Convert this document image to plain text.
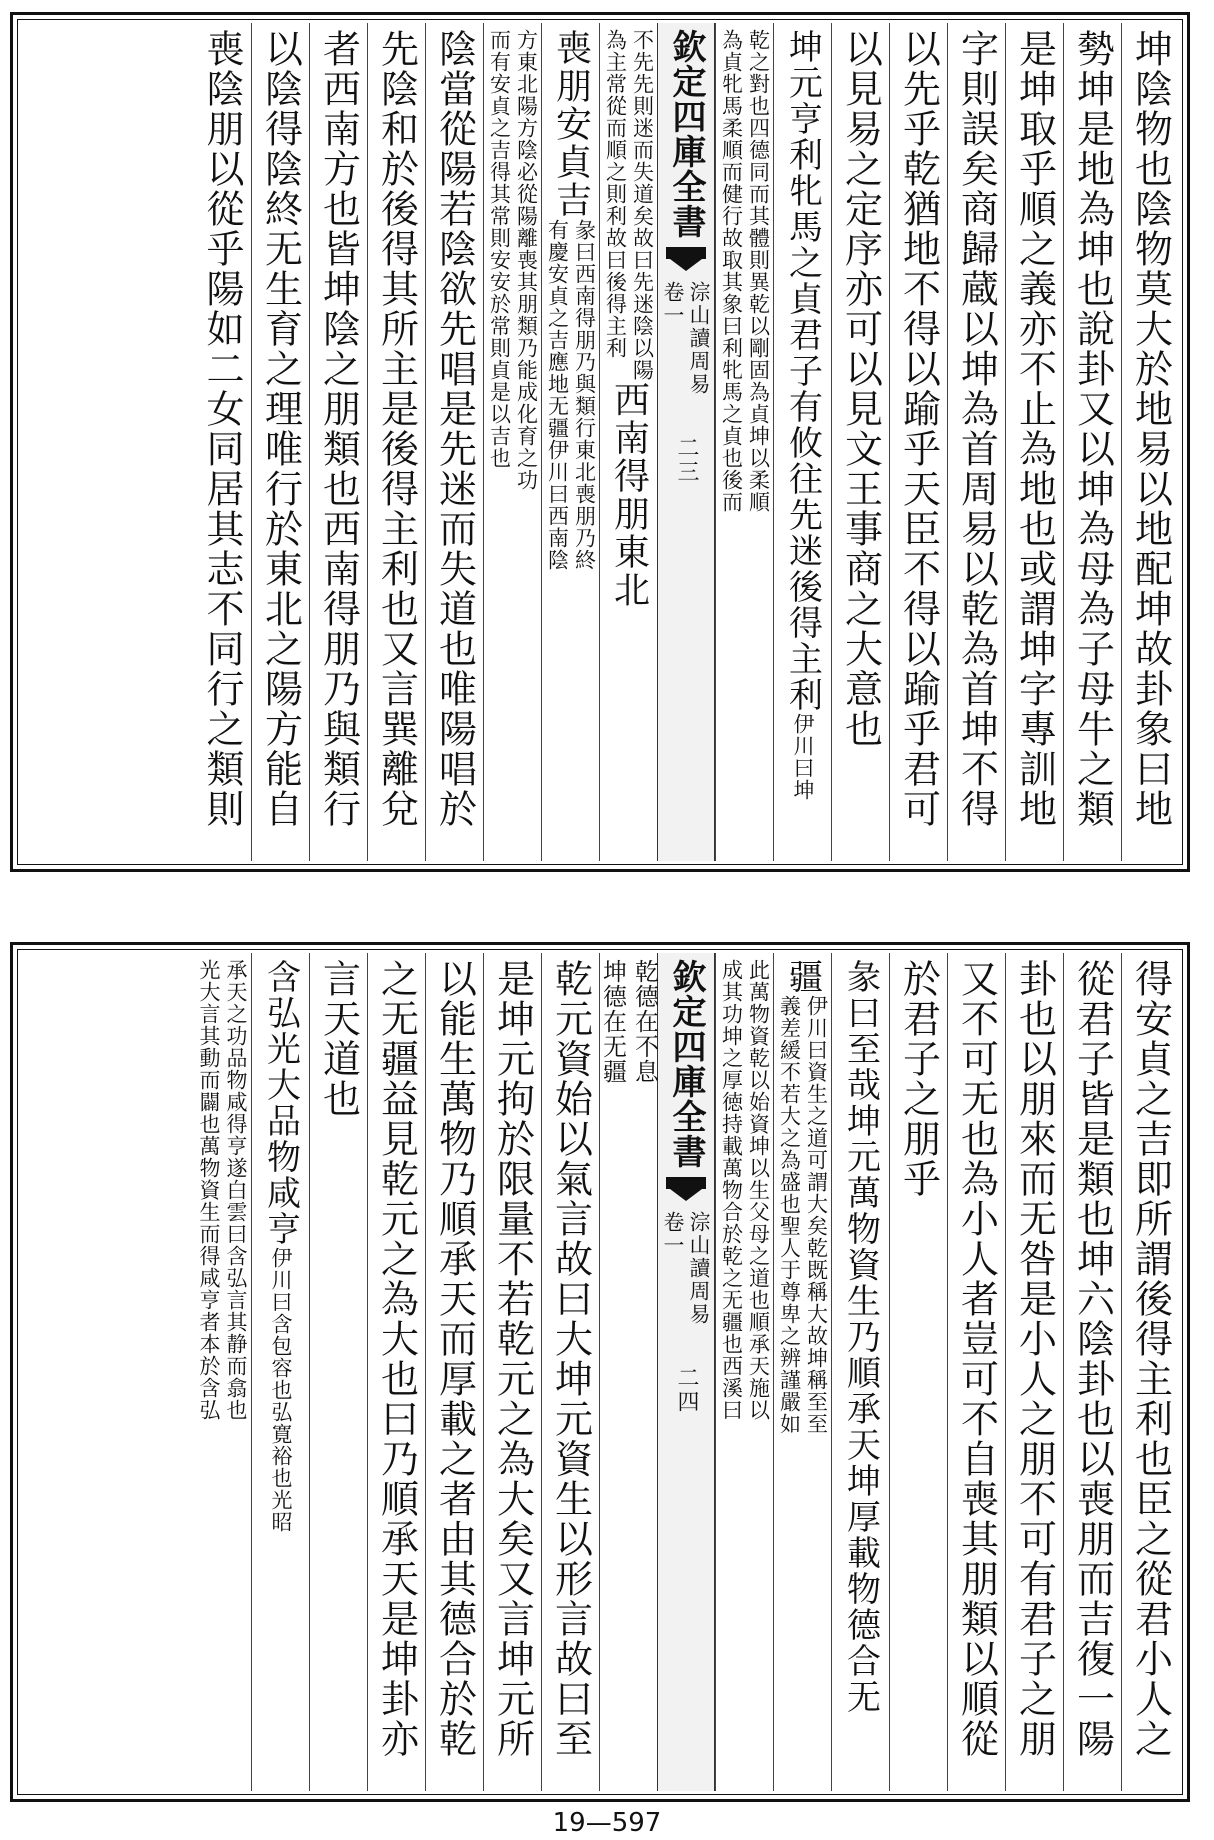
坤陰物也陰物莫大於地易以地配坤故卦象曰地
勢坤是地為坤也說卦又以坤為母為子母牛之類
是坤取乎順之義亦不止為地也或謂坤字專訓地
字則誤矣商歸蔵以坤為首周易以乾為首坤不得
以先乎乾猶地不得以踰乎天臣不得以踰乎君可
以見易之定序亦可以見文王事商之大意也
坤元亨利牝馬之貞君子有攸往先迷後得主利
伊川曰坤
乾之對也四德同而其體則異乾以剛固為貞坤以柔順
為貞牝馬柔順而健行故取其象曰利牝馬之貞也後而
欽定四庫全書
淙山讀周易
卷一
二三
不先先則迷而失道矣故曰先迷陰以陽
為主常從而順之則利故曰後得主利
西南得朋東北
喪朋安貞吉
彖曰西南得朋乃與類行東北喪朋乃終
有慶安貞之吉應地无疆伊川曰西南陰
方東北陽方陰必從陽離喪其朋類乃能成化育之功
而有安貞之吉得其常則安安於常則貞是以吉也
陰當從陽若陰欲先唱是先迷而失道也唯陽唱於
先陰和於後得其所主是後得主利也又言巽離兌
者西南方也皆坤陰之朋類也西南得朋乃與類行
以陰得陰終无生育之理唯行於東北之陽方能自
喪陰朋以從乎陽如二女同居其志不同行之類則
得安貞之吉即所謂後得主利也臣之從君小人之
從君子皆是類也坤六陰卦也以喪朋而吉復一陽
卦也以朋來而无咎是小人之朋不可有君子之朋
又不可无也為小人者豈可不自喪其朋類以順從
於君子之朋乎
彖曰至哉坤元萬物資生乃順承天坤厚載物德合无
疆
伊川曰資生之道可謂大矣乾既稱大故坤稱至至
義差緩不若大之為盛也聖人于尊卑之辨謹嚴如
此萬物資乾以始資坤以生父母之道也順承天施以
成其功坤之厚徳持載萬物合於乾之无疆也西溪曰
欽定四庫全書
淙山讀周易
卷一
二四
乾德在不息
坤德在无疆
乾元資始以氣言故曰大坤元資生以形言故曰至
是坤元拘於限量不若乾元之為大矣又言坤元所
以能生萬物乃順承天而厚載之者由其德合於乾
之无疆益見乾元之為大也曰乃順承天是坤卦亦
言天道也
含弘光大品物咸亨
伊川曰含包容也弘寛裕也光昭
承天之功品物咸得亨遂白雲曰含弘言其静而翕也
光大言其動而闢也萬物資生而得咸亨者本於含弘
19—597
